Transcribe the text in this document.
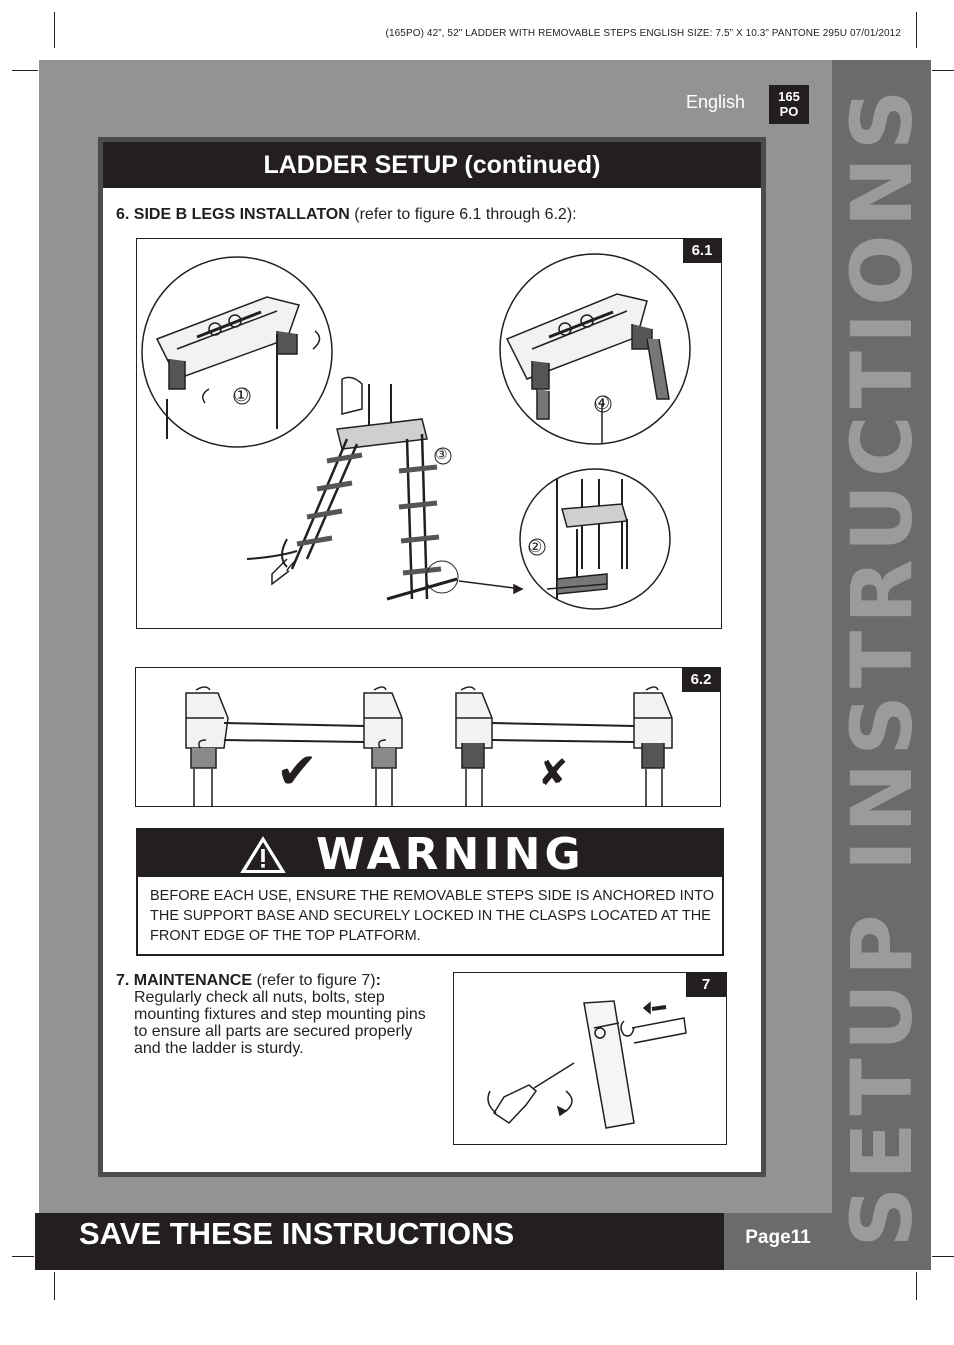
(165PO) 42”, 52" LADDER WITH REMOVABLE STEPS ENGLISH SIZE: 7.5” X 10.3” PANTONE 295U 07/01/2012
SETUP INSTRUCTIONS
English	165
PO
LADDER SETUP (continued)
6. SIDE B LEGS INSTALLATON (refer to figure 6.1 through 6.2):
6.1
①
②
③
④
6.2
✔	✘
WARNING
BEFORE EACH USE, ENSURE THE REMOVABLE STEPS SIDE IS ANCHORED INTO THE SUPPORT BASE AND SECURELY LOCKED IN THE CLASPS LOCATED AT THE FRONT EDGE OF THE TOP PLATFORM.
7. MAINTENANCE (refer to figure 7):
Regularly check all nuts, bolts, step mounting fixtures and step mounting pins to ensure all parts are secured properly and the ladder is sturdy.
7
SAVE THESE INSTRUCTIONS	Page11
